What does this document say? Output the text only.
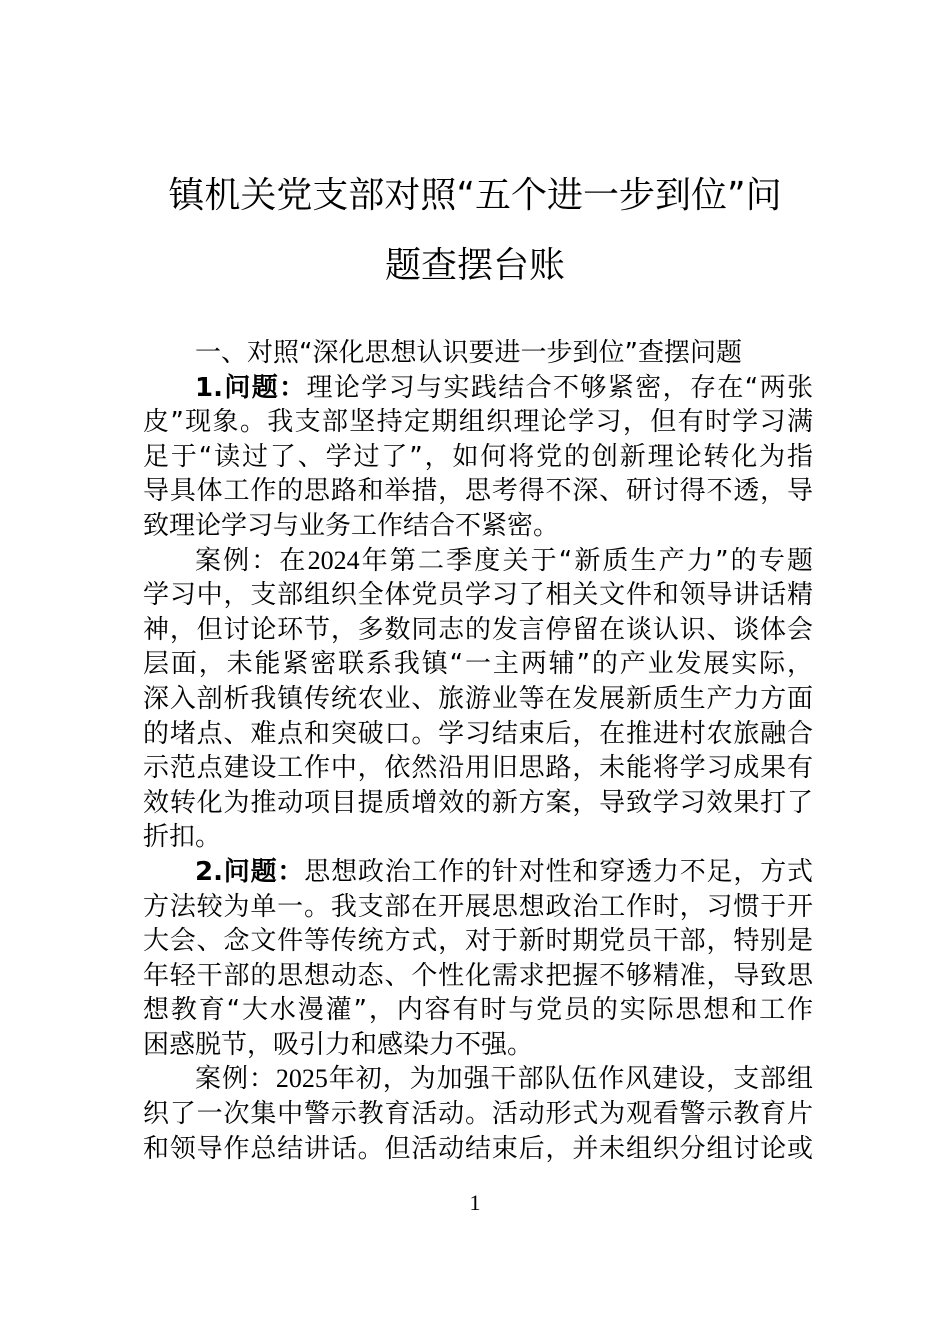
镇机关党支部对照“五个进一步到位”问
题查摆台账
一、对照“深化思想认识要进一步到位”查摆问题
1.问题：理论学习与实践结合不够紧密，存在“两张
皮”现象。我支部坚持定期组织理论学习，但有时学习满
足于“读过了、学过了”，如何将党的创新理论转化为指
导具体工作的思路和举措，思考得不深、研讨得不透，导
致理论学习与业务工作结合不紧密。
案例：在2024年第二季度关于“新质生产力”的专题
学习中，支部组织全体党员学习了相关文件和领导讲话精
神，但讨论环节，多数同志的发言停留在谈认识、谈体会
层面，未能紧密联系我镇“一主两辅”的产业发展实际，
深入剖析我镇传统农业、旅游业等在发展新质生产力方面
的堵点、难点和突破口。学习结束后，在推进村农旅融合
示范点建设工作中，依然沿用旧思路，未能将学习成果有
效转化为推动项目提质增效的新方案，导致学习效果打了
折扣。
2.问题：思想政治工作的针对性和穿透力不足，方式
方法较为单一。我支部在开展思想政治工作时，习惯于开
大会、念文件等传统方式，对于新时期党员干部，特别是
年轻干部的思想动态、个性化需求把握不够精准，导致思
想教育“大水漫灌”，内容有时与党员的实际思想和工作
困惑脱节，吸引力和感染力不强。
案例：2025年初，为加强干部队伍作风建设，支部组
织了一次集中警示教育活动。活动形式为观看警示教育片
和领导作总结讲话。但活动结束后，并未组织分组讨论或
1
